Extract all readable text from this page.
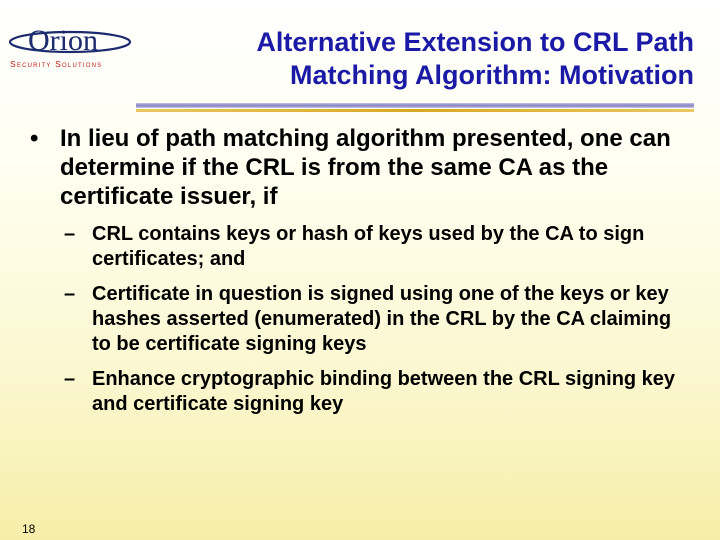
Orion
Security Solutions
Alternative Extension to CRL Path
Matching Algorithm: Motivation
• In lieu of path matching algorithm presented, one can determine if the CRL is from the same CA as the certificate issuer, if
– CRL contains keys or hash of keys used by the CA to sign certificates; and
– Certificate in question is signed using one of the keys or key hashes asserted (enumerated) in the CRL by the CA claiming to be certificate signing keys
– Enhance cryptographic binding between the CRL signing key and certificate signing key
18
